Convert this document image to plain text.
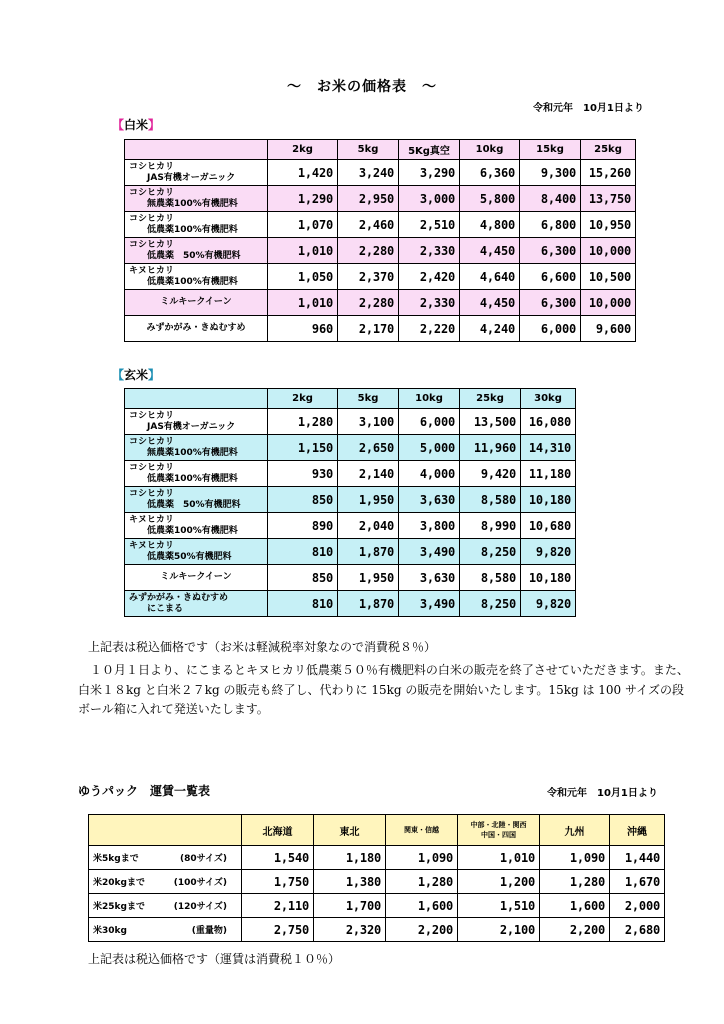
～　お米の価格表　～
令和元年　10月1日より
【白米】
	2kg	5kg	5Kg真空	10kg	15kg	25kg

コシヒカリ
JAS有機オーガニック	1,420	3,240	3,290	6,360	9,300	15,260

コシヒカリ
無農薬100%有機肥料	1,290	2,950	3,000	5,800	8,400	13,750

コシヒカリ
低農薬100%有機肥料	1,070	2,460	2,510	4,800	6,800	10,950

コシヒカリ
低農薬　50%有機肥料	1,010	2,280	2,330	4,450	6,300	10,000

キヌヒカリ
低農薬100%有機肥料	1,050	2,370	2,420	4,640	6,600	10,500

ミルキークイーン	1,010	2,280	2,330	4,450	6,300	10,000

みずかがみ・きぬむすめ	960	2,170	2,220	4,240	6,000	9,600
【玄米】
	2kg	5kg	10kg	25kg	30kg

コシヒカリ
JAS有機オーガニック	1,280	3,100	6,000	13,500	16,080

コシヒカリ
無農薬100%有機肥料	1,150	2,650	5,000	11,960	14,310

コシヒカリ
低農薬100%有機肥料	930	2,140	4,000	9,420	11,180

コシヒカリ
低農薬　50%有機肥料	850	1,950	3,630	8,580	10,180

キヌヒカリ
低農薬100%有機肥料	890	2,040	3,800	8,990	10,680

キヌヒカリ
低農薬50%有機肥料	810	1,870	3,490	8,250	9,820

ミルキークイーン	850	1,950	3,630	8,580	10,180

みずかがみ・きぬむすめ
にこまる	810	1,870	3,490	8,250	9,820
上記表は税込価格です（お米は軽減税率対象なので消費税８％）
１０月１日より、にこまるとキヌヒカリ低農薬５０％有機肥料の白米の販売を終了させていただきます。また、白米１８kg と白米２７kg の販売も終了し、代わりに 15kg の販売を開始いたします。15kg は 100 サイズの段ボール箱に入れて発送いたします。
ゆうパック　運賃一覧表	令和元年　10月1日より
	北海道	東北	関東・信越	中部・北陸・関西
中国・四国	九州	沖縄
米5kgまで (80サイズ)	1,540	1,180	1,090	1,010	1,090	1,440
米20kgまで (100サイズ)	1,750	1,380	1,280	1,200	1,280	1,670
米25kgまで (120サイズ)	2,110	1,700	1,600	1,510	1,600	2,000
米30kg (重量物)	2,750	2,320	2,200	2,100	2,200	2,680
上記表は税込価格です（運賃は消費税１０％）
